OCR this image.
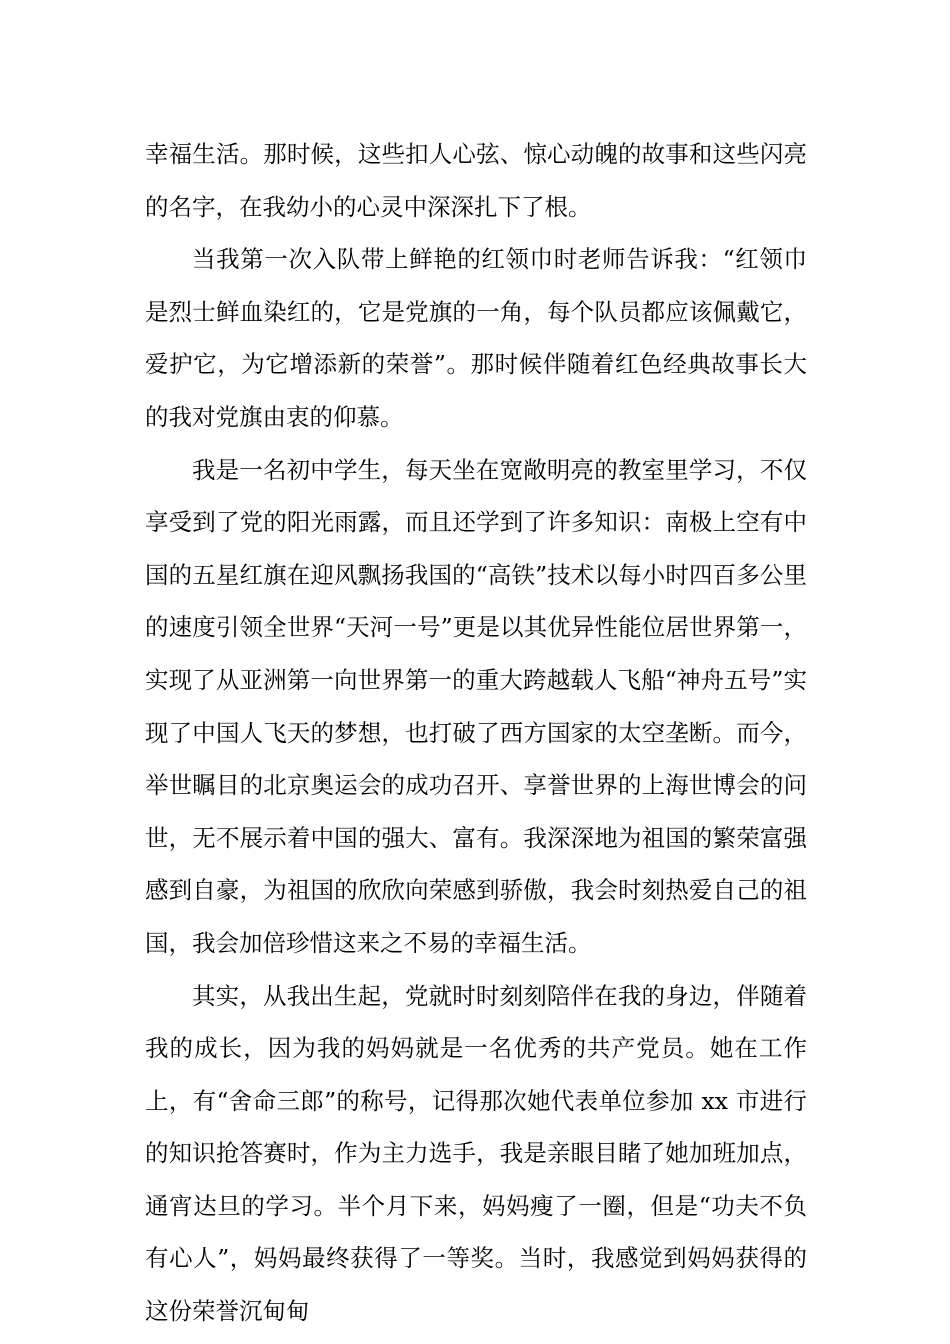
幸福生活。那时候，这些扣人心弦、惊心动魄的故事和这些闪亮的名字，在我幼小的心灵中深深扎下了根。

当我第一次入队带上鲜艳的红领巾时老师告诉我：“红领巾是烈士鲜血染红的，它是党旗的一角，每个队员都应该佩戴它，爱护它，为它增添新的荣誉”。那时候伴随着红色经典故事长大的我对党旗由衷的仰慕。

我是一名初中学生，每天坐在宽敞明亮的教室里学习，不仅享受到了党的阳光雨露，而且还学到了许多知识：南极上空有中国的五星红旗在迎风飘扬我国的“高铁”技术以每小时四百多公里的速度引领全世界“天河一号”更是以其优异性能位居世界第一，实现了从亚洲第一向世界第一的重大跨越载人飞船“神舟五号”实现了中国人飞天的梦想，也打破了西方国家的太空垄断。而今，举世瞩目的北京奥运会的成功召开、享誉世界的上海世博会的问世，无不展示着中国的强大、富有。我深深地为祖国的繁荣富强感到自豪，为祖国的欣欣向荣感到骄傲，我会时刻热爱自己的祖国，我会加倍珍惜这来之不易的幸福生活。

其实，从我出生起，党就时时刻刻陪伴在我的身边，伴随着我的成长，因为我的妈妈就是一名优秀的共产党员。她在工作上，有“舍命三郎”的称号，记得那次她代表单位参加 xx 市进行的知识抢答赛时，作为主力选手，我是亲眼目睹了她加班加点，通宵达旦的学习。半个月下来，妈妈瘦了一圈，但是“功夫不负有心人”，妈妈最终获得了一等奖。当时，我感觉到妈妈获得的这份荣誉沉甸甸
